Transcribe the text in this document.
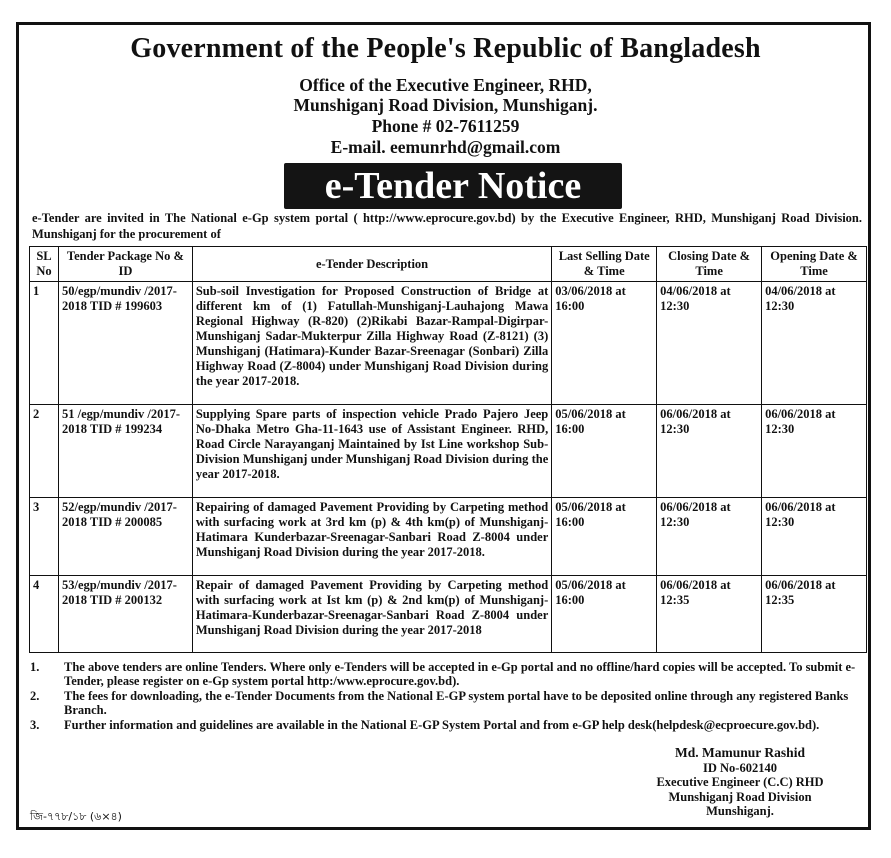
Government of the People's Republic of Bangladesh
Office of the Executive Engineer, RHD,
Munshiganj Road Division, Munshiganj.
Phone # 02-7611259
E-mail. eemunrhd@gmail.com
e-Tender Notice
e-Tender are invited in The National e-Gp system portal ( http://www.eprocure.gov.bd) by the Executive Engineer, RHD, Munshiganj Road Division. Munshiganj for the procurement of
SL No	Tender Package No & ID	e-Tender Description	Last Selling Date & Time	Closing Date & Time	Opening Date & Time
1	50/egp/mundiv /2017-2018 TID # 199603	Sub-soil Investigation for Proposed Construction of Bridge at different km of (1) Fatullah-Munshiganj-Lauhajong Mawa Regional Highway (R-820) (2)Rikabi Bazar-Rampal-Digirpar- Munshiganj Sadar-Mukterpur Zilla Highway Road (Z-8121) (3) Munshiganj (Hatimara)-Kunder Bazar-Sreenagar (Sonbari) Zilla Highway Road (Z-8004) under Munshiganj Road Division during the year 2017-2018.	03/06/2018 at 16:00	04/06/2018 at 12:30	04/06/2018 at 12:30
2	51 /egp/mundiv /2017-2018 TID # 199234	Supplying Spare parts of inspection vehicle Prado Pajero Jeep No-Dhaka Metro Gha-11-1643 use of Assistant Engineer. RHD, Road Circle Narayanganj Maintained by Ist Line workshop Sub-Division Munshiganj under Munshiganj Road Division during the year 2017-2018.	05/06/2018 at 16:00	06/06/2018 at 12:30	06/06/2018 at 12:30
3	52/egp/mundiv /2017-2018 TID # 200085	Repairing of damaged Pavement Providing by Carpeting method with surfacing work at 3rd km (p) & 4th km(p) of Munshiganj-Hatimara Kunderbazar-Sreenagar-Sanbari Road Z-8004 under Munshiganj Road Division during the year 2017-2018.	05/06/2018 at 16:00	06/06/2018 at 12:30	06/06/2018 at 12:30
4	53/egp/mundiv /2017-2018 TID # 200132	Repair of damaged Pavement Providing by Carpeting method with surfacing work at Ist km (p) & 2nd km(p) of Munshiganj-Hatimara-Kunderbazar-Sreenagar-Sanbari Road Z-8004 under Munshiganj Road Division during the year 2017-2018	05/06/2018 at 16:00	06/06/2018 at 12:35	06/06/2018 at 12:35
1.	The above tenders are online Tenders. Where only e-Tenders will be accepted in e-Gp portal and no offline/hard copies will be accepted. To submit e-Tender, please register on e-Gp system portal http:/www.eprocure.gov.bd).
2.	The fees for downloading, the e-Tender Documents from the National E-GP system portal have to be deposited online through any registered Banks Branch.
3.	Further information and guidelines are available in the National E-GP System Portal and from e-GP help desk(helpdesk@ecproecure.gov.bd).
Md. Mamunur Rashid
ID No-602140
Executive Engineer (C.C) RHD
Munshiganj Road Division
Munshiganj.
জি-৭৭৮/১৮ (৬×৪)
